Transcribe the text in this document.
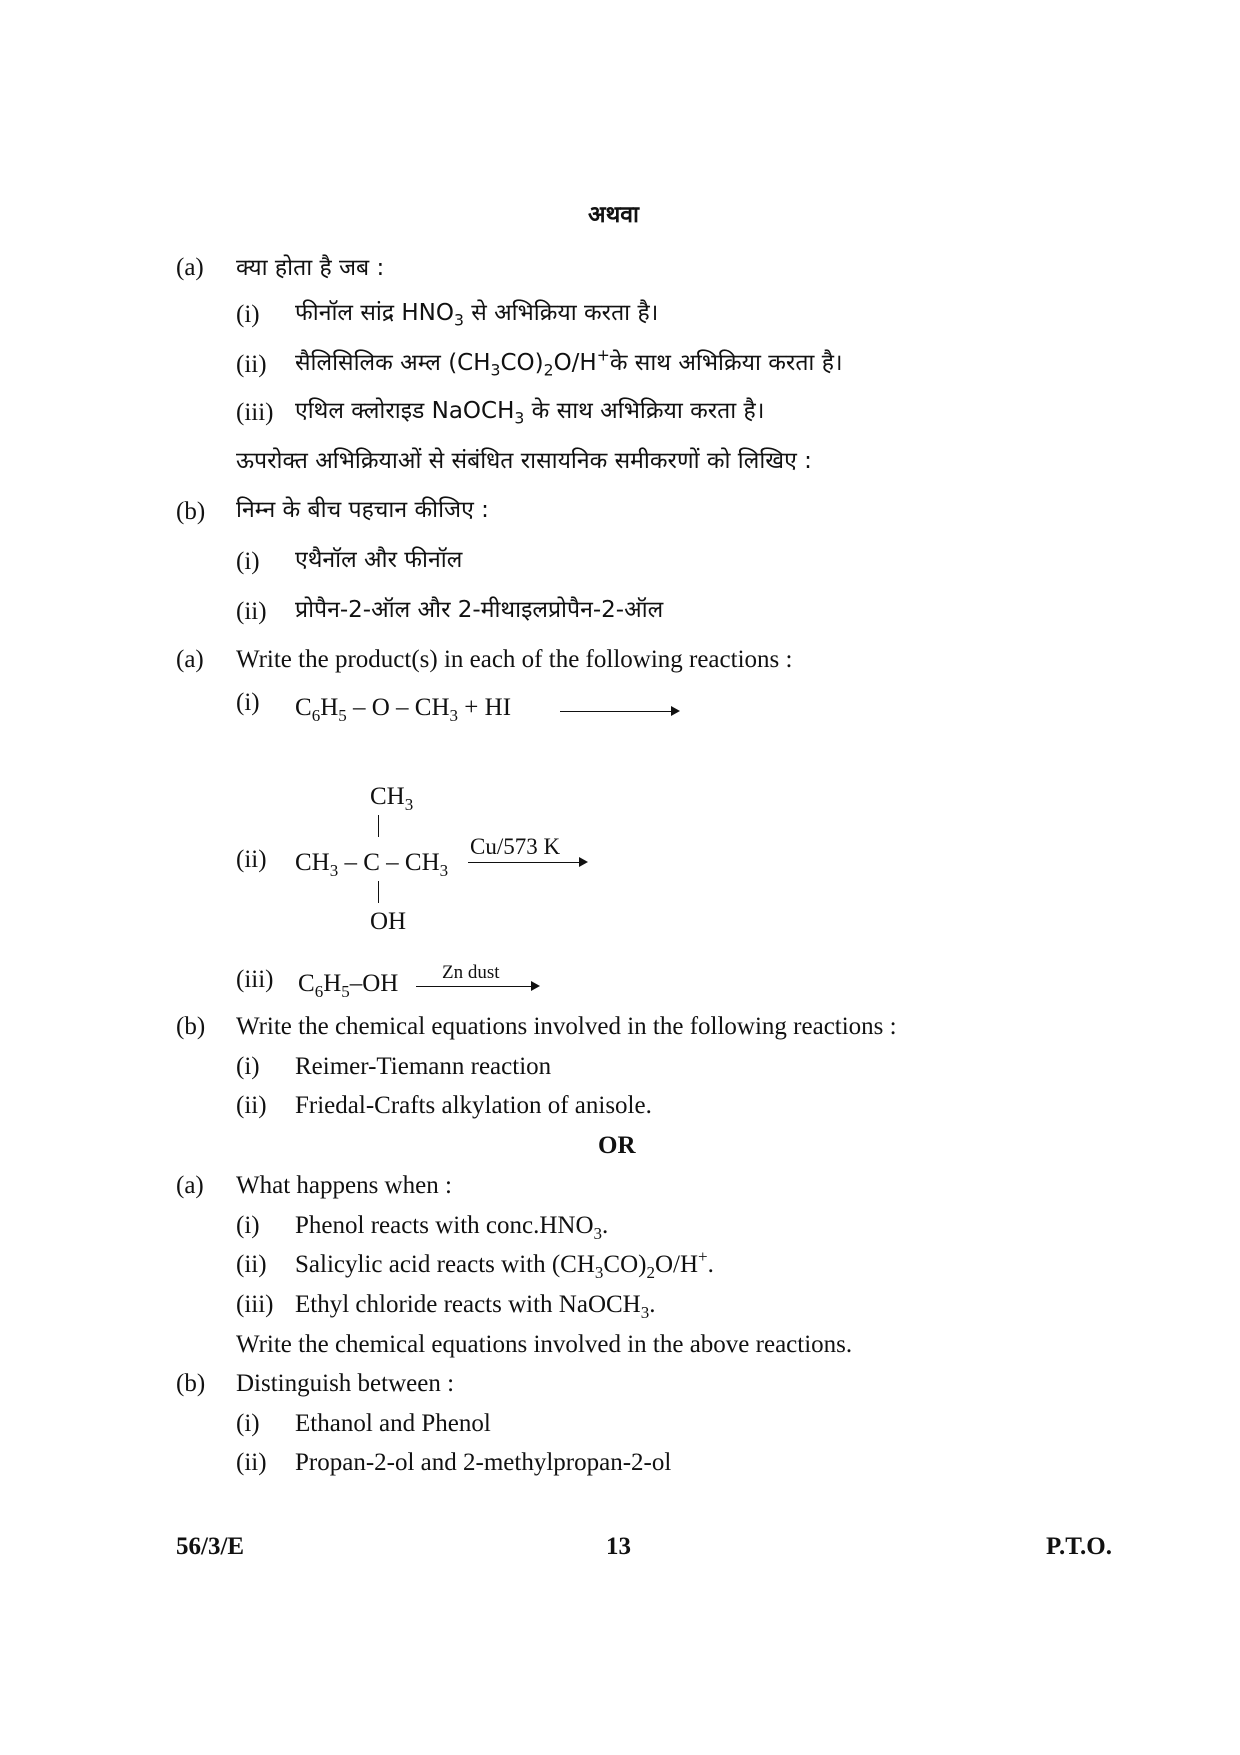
अथवा
(a) क्या होता है जब :
(i) फीनॉल सांद्र $HNO_3$ से अभिक्रिया करता है।
(ii) सैलिसिलिक अम्ल $(CH_3CO)_2O/H^+के$ साथ अभिक्रिया करता है।
(iii) एथिल क्लोराइड NaOCH$_3$ के साथ अभिक्रिया करता है।
ऊपरोक्त अभिक्रियाओं से संबंधित रासायनिक समीकरणों को लिखिए :
(b) निम्न के बीच पहचान कीजिए :
(i) एथैनॉल और फीनॉल
(ii) प्रोपैन-2-ऑल और 2-मीथाइलप्रोपैन-2-ऑल
(a) Write the product(s) in each of the following reactions :
(i) $C_6H_5$ – O – $CH_3$ + HI
$CH_3$
(ii) $CH_3$ – C – $CH_3$
Cu/573 K
OH
(iii) $C_6H_5-OH$ Zn dust
(b) Write the chemical equations involved in the following reactions :
(i) Reimer-Tiemann reaction
(ii) Friedal-Crafts alkylation of anisole.
OR
(a) What happens when :
(i) Phenol reacts with $conc.HNO_3$.
(ii) Salicylic acid reacts with $(CH_3CO)_2O/H^+$.
(iii) Ethyl chloride reacts with NaOCH$_3$.
Write the chemical equations involved in the above reactions.
(b) Distinguish between :
(i) Ethanol and Phenol
(ii) Propan-2-ol and 2-methylpropan-2-ol
56/3/E	13	P.T.O.
